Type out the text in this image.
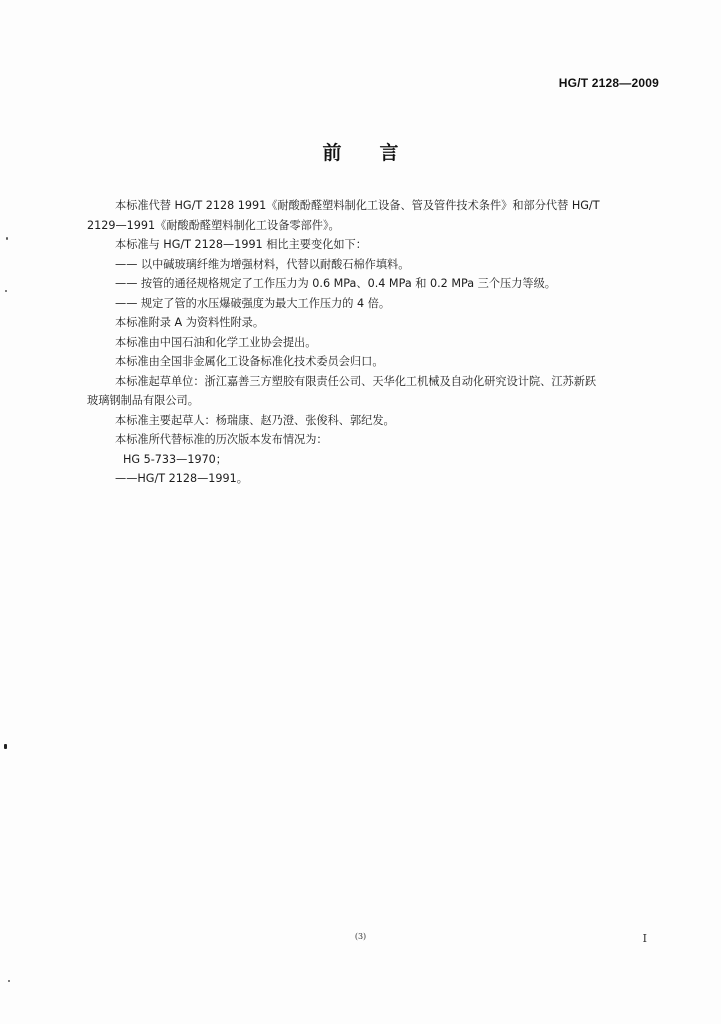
HG/T 2128—2009
前 言
本标准代替 HG/T 2128 1991《耐酸酚醛塑料制化工设备、管及管件技术条件》和部分代替 HG/T
2129—1991《耐酸酚醛塑料制化工设备零部件》。
本标准与 HG/T 2128—1991 相比主要变化如下：
—— 以中碱玻璃纤维为增强材料，代替以耐酸石棉作填料。
—— 按管的通径规格规定了工作压力为 0.6 MPa、0.4 MPa 和 0.2 MPa 三个压力等级。
—— 规定了管的水压爆破强度为最大工作压力的 4 倍。
本标准附录 A 为资料性附录。
本标准由中国石油和化学工业协会提出。
本标准由全国非金属化工设备标准化技术委员会归口。
本标准起草单位：浙江嘉善三方塑胶有限责任公司、天华化工机械及自动化研究设计院、江苏新跃
玻璃钢制品有限公司。
本标准主要起草人：杨瑞康、赵乃澄、张俊科、郭纪发。
本标准所代替标准的历次版本发布情况为：
HG 5-733—1970；
——HG/T 2128—1991。
(3)	I
